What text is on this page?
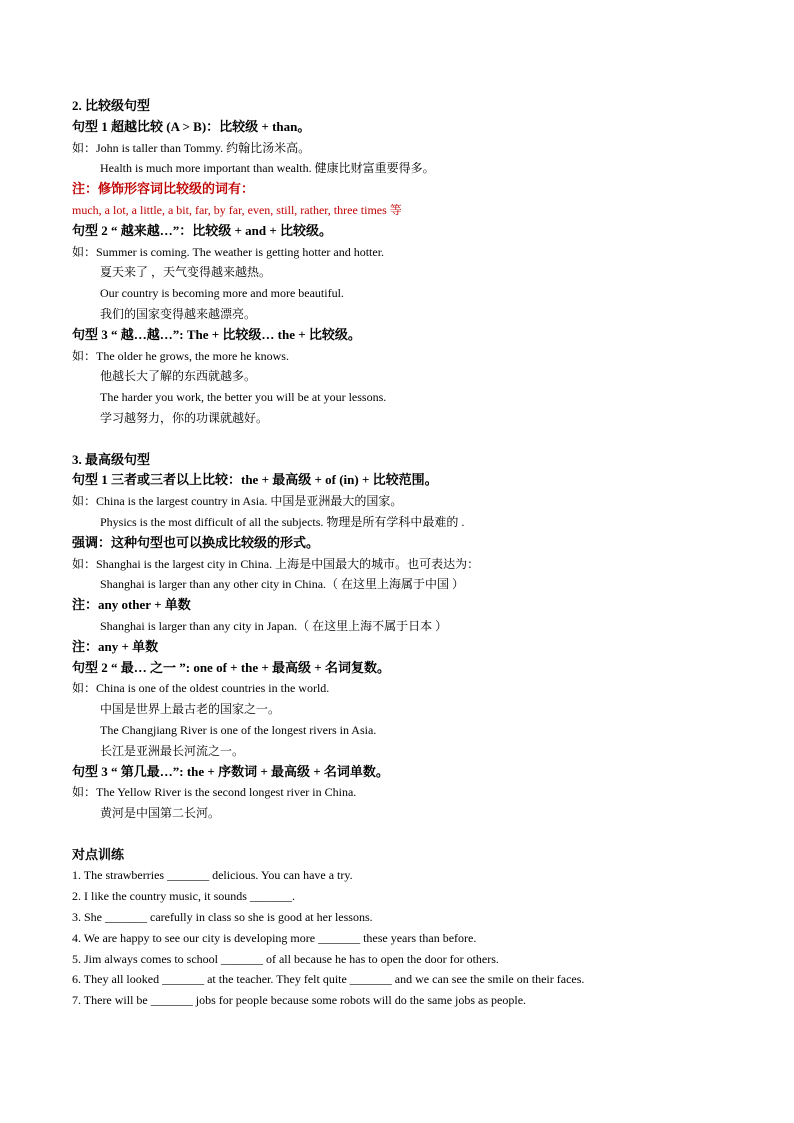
2. 比较级句型
句型 1 超越比较 (A > B)：比较级 + than。
如：John is taller than Tommy. 约翰比汤米高。
Health is much more important than wealth. 健康比财富重要得多。
注：修饰形容词比较级的词有：
much, a lot, a little, a bit, far, by far, even, still, rather, three times 等
句型 2 “ 越来越…”：比较级 + and + 比较级。
如：Summer is coming. The weather is getting hotter and hotter.
夏天来了 ，天气变得越来越热。
Our country is becoming more and more beautiful.
我们的国家变得越来越漂亮。
句型 3 “ 越…越…”: The + 比较级… the + 比较级。
如：The older he grows, the more he knows.
他越长大了解的东西就越多。
The harder you work, the better you will be at your lessons.
学习越努力，你的功课就越好。
3. 最高级句型
句型 1 三者或三者以上比较：the + 最高级 + of (in) + 比较范围。
如：China is the largest country in Asia. 中国是亚洲最大的国家。
Physics is the most difficult of all the subjects. 物理是所有学科中最难的 .
强调：这种句型也可以换成比较级的形式。
如：Shanghai is the largest city in China. 上海是中国最大的城市。也可表达为：
Shanghai is larger than any other city in China.（ 在这里上海属于中国 ）
注：any other + 单数
Shanghai is larger than any city in Japan.（ 在这里上海不属于日本 ）
注：any + 单数
句型 2 “ 最… 之一 ”: one of + the + 最高级 + 名词复数。
如：China is one of the oldest countries in the world.
中国是世界上最古老的国家之一。
The Changjiang River is one of the longest rivers in Asia.
长江是亚洲最长河流之一。
句型 3 “ 第几最…”: the + 序数词 + 最高级 + 名词单数。
如：The Yellow River is the second longest river in China.
黄河是中国第二长河。
对点训练
1. The strawberries _______ delicious. You can have a try.
2. I like the country music, it sounds _______.
3. She _______ carefully in class so she is good at her lessons.
4. We are happy to see our city is developing more _______ these years than before.
5. Jim always comes to school _______ of all because he has to open the door for others.
6. They all looked _______ at the teacher. They felt quite _______ and we can see the smile on their faces.
7. There will be _______ jobs for people because some robots will do the same jobs as people.
